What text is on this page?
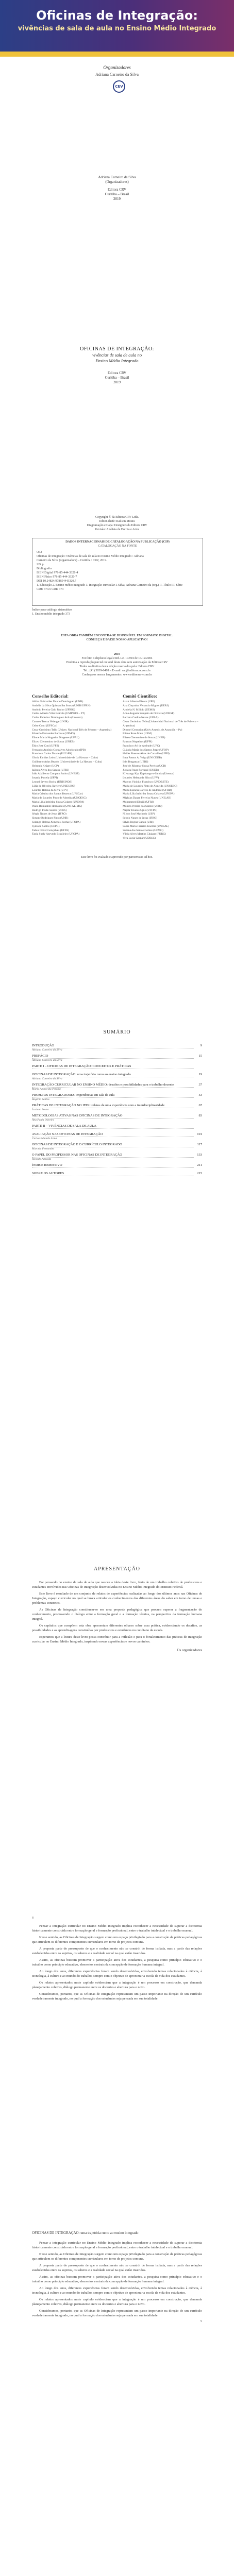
Oficinas de Integração:
vivências de sala de aula no Ensino Médio Integrado
Organizadores
Adriana Carneiro da Silva
CEV
Adriana Carneiro da Silva
(Organizadores)
Editora CRV
Curitiba – Brasil
2019
OFICINAS DE INTEGRAÇÃO:
vivências de sala de aula no
Ensino Médio Integrado
Editora CRV
Curitiba – Brasil
2019
Copyright © da Editora CRV Ltda.
Editor-chefe: Railson Moura
Diagramação e Capa: Designers da Editora CRV
Revisão: Analista de Escrita e Artes
DADOS INTERNACIONAIS DE CATALOGAÇÃO NA PUBLICAÇÃO (CIP)
CATALOGAÇÃO NA FONTE
O32
Oficinas de Integração: vivências de sala de aula no Ensino Médio Integrado / Adriana
Carneiro da Silva (organizadora) – Curitiba : CRV, 2019.
224 p.
Bibliografia
ISBN Digital 978-85-444-3321-4
ISBN Físico 978-85-444-3320-7
DOI 10.24824/978854443320.7
1. Educação 2. Ensino médio integrado 3. Integração curricular I. Silva, Adriana Carneiro da (org.) II. Título III. Série
CDU 373.5 CDD 373
Índice para catálogo sistemático
1. Ensino médio integrado 373
ESTA OBRA TAMBÉM ENCONTRA-SE DISPONÍVEL EM FORMATO DIGITAL.
CONHEÇA E BAIXE NOSSO APLICATIVO!
2019
Foi feito o depósito legal conf. Lei 10.994 de 14/12/2004
Proibida a reprodução parcial ou total desta obra sem autorização da Editora CRV
Todos os direitos desta edição reservados pela: Editora CRV
Tel.: (41) 3039-6418 – E-mail: sac@editoracrv.com.br
Conheça os nossos lançamentos: www.editoracrv.com.br
Conselho Editorial:
Aldira Guimarães Duarte Domínguez (UNB)
Andréia da Silva Quintanilha Sousa (UNIR/UFRN)
Antônio Pereira Gaio Júnior (UFRRJ)
Carlos Alberto Vilar Estêvão (UMINHO – PT)
Carlos Federico Domínguez Avila (Unieuro)
Carmen Tereza Velanga (UNIR)
Celso Conti (UFSCar)
Cesar Gerónimo Tello (Univer. Nacional Três de Febrero – Argentina)
Eduardo Fernandes Barbosa (UFMG)
Elione Maria Nogueira Diogenes (UFAL)
Elizeu Clementino de Souza (UNEB)
Élsio José Corá (UFFS)
Fernando Antônio Gonçalves Alcoforado (IPB)
Francisco Carlos Duarte (PUC-PR)
Gloria Fariñas León (Universidade de La Havana – Cuba)
Guillermo Arias Beatón (Universidade de La Havana – Cuba)
Helmuth Krüger (UCP)
Jailson Alves dos Santos (UFRJ)
João Adalberto Campato Junior (UNESP)
Josania Portela (UFPI)
Leonel Severo Rocha (UNISINOS)
Lídia de Oliveira Xavier (UNIEURO)
Lourdes Helena da Silva (UFV)
Maria Cristina dos Santos Bezerra (UFSCar)
Maria de Lourdes Pinto de Almeida (UNOESC)
Maria Lília Imbiriba Sousa Colares (UNOPA)
Paulo Romualdo Hernandes (UNIFAL-MG)
Rodrigo Pratte-Santos (UFES)
Sérgio Nunes de Jesus (IFRO)
Simone Rodrigues Pinto (UNB)
Solange Helena Ximenes-Rocha (UFOPA)
Sydione Santos (UEPG)
Tadeu Oliver Gonçalves (UFPA)
Tania Suely Azevedo Brasileiro (UFOPA)
Comitê Científico:
Altair Alberto Fávero (UPF)
Ana Chrystina Venancio Mignot (UERJ)
Andréia N. Militão (UEMS)
Anna Augusta Sampaio de Oliveira (UNESP)
Barbara Coelho Neves (UFBA)
Cesar Gerónimo Tello (Universidad Nacional de Três de Febrero – Argentina)
Diosnel Centurion (Univ Americ. de Asunción – Py)
Eliane Rose Maio (UEM)
Elizeu Clementino de Souza (UNEB)
Fauston Negreiros (UFPI)
Francisco Ari de Andrade (UFC)
Gláucia Maria dos Santos Jorge (UFOP)
Helder Buenos Aires de Carvalho (UFPI)
Ilma Passos A. Veiga (UNICEUB)
Inês Bragança (UERJ)
José de Ribamar Sousa Pereira (UCB)
Jussara Fraga Portugal (UNEB)
Kilwangy Kya Kapitango-a-Samba (Unemat)
Lourdes Helena da Silva (UFV)
Marcos Vinicius Francisco (UNOESTE)
Maria de Lourdes Pinto de Almeida (UNOESC)
Maria Eurácia Barreto de Andrade (UFRB)
Maria Lília Imbiriba Sousa Colares (UFOPA)
Míghian Danae Ferreira Nunes (UNILAB)
Mohammed Elhajji (UFRJ)
Mônica Pereira dos Santos (UFRJ)
Najela Tavares Ujiie (UTFPR)
Nilson José Machado (USP)
Sérgio Nunes de Jesus (IFRO)
Silvia Regina Canan (URI)
Sonia Maria Ferreira Koehler (UNISAL)
Suzana dos Santos Gomes (UFMG)
Vânia Alves Martins Chaigar (FURG)
Vera Lucia Gaspar (UDESC)
Este livro foi avaliado e aprovado por pareceristas ad hoc.
SUMÁRIO
INTRODUÇÃO	9
Adriana Carneiro da Silva
PREFÁCIO	15
Adriana Carneiro da Silva
PARTE I – OFICINAS DE INTEGRAÇÃO: CONCEITOS E PRÁTICAS
OFICINAS DE INTEGRAÇÃO: uma trajetória rumo ao ensino integrado	19
Adriana Carneiro da Silva
INTEGRAÇÃO CURRICULAR NO ENSINO MÉDIO: desafios e possibilidades para o trabalho docente	37
Maria Aparecida Pereira
PROJETOS INTEGRADORES: experiências em sala de aula	53
Rogério Santos
PRÁTICAS DE INTEGRAÇÃO NO IFPR: relatos de uma experiência com a interdisciplinaridade	67
Luciana Souza
METODOLOGIAS ATIVAS NAS OFICINAS DE INTEGRAÇÃO	83
Ana Paula Oliveira
PARTE II – VIVÊNCIAS DE SALA DE AULA
AVALIAÇÃO NAS OFICINAS DE INTEGRAÇÃO	101
Carlos Eduardo Lima
OFICINAS DE INTEGRAÇÃO E O CURRÍCULO INTEGRADO	117
Marcela Fernandes
O PAPEL DO PROFESSOR NAS OFICINAS DE INTEGRAÇÃO	133
Ricardo Almeida
ÍNDICE REMISSIVO	211
SOBRE OS AUTORES	215
APRESENTAÇÃO

Foi pensando no ensino de sala de aula que nasceu a ideia deste livro, fruto de um trabalho coletivo de professores e estudantes envolvidos nas Oficinas de Integração desenvolvidas no Ensino Médio Integrado do Instituto Federal.

Este livro é resultado de um conjunto de relatos de experiências realizadas ao longo dos últimos anos nas Oficinas de Integração, espaço curricular no qual se busca articular os conhecimentos das diferentes áreas do saber em torno de temas e problemas concretos.

As Oficinas de Integração constituem-se em uma proposta pedagógica que procura superar a fragmentação do conhecimento, promovendo o diálogo entre a formação geral e a formação técnica, na perspectiva da formação humana integral.

Os capítulos que compõem esta obra apresentam diferentes olhares sobre essa prática, evidenciando os desafios, as possibilidades e as aprendizagens construídas por professores e estudantes no cotidiano da escola.

Esperamos que a leitura deste livro possa contribuir para a reflexão e para o fortalecimento das práticas de integração curricular no Ensino Médio Integrado, inspirando novas experiências e novos caminhos.

Os organizadores
8

Pensar a integração curricular no Ensino Médio Integrado implica reconhecer a necessidade de superar a dicotomia historicamente construída entre formação geral e formação profissional, entre o trabalho intelectual e o trabalho manual.

Nesse sentido, as Oficinas de Integração surgem como um espaço privilegiado para a construção de práticas pedagógicas que articulem os diferentes componentes curriculares em torno de projetos comuns.

A proposta parte do pressuposto de que o conhecimento não se constrói de forma isolada, mas a partir das relações estabelecidas entre os sujeitos, os saberes e a realidade social na qual estão inseridos.

Assim, as oficinas buscam promover a participação ativa dos estudantes, a pesquisa como princípio educativo e o trabalho como princípio educativo, elementos centrais da concepção de formação humana integral.

Ao longo dos anos, diferentes experiências foram sendo desenvolvidas, envolvendo temas relacionados à ciência, à tecnologia, à cultura e ao mundo do trabalho, sempre com o objetivo de aproximar a escola da vida dos estudantes.

Os relatos apresentados neste capítulo evidenciam que a integração é um processo em construção, que demanda planejamento coletivo, diálogo permanente entre os docentes e abertura para o novo.

Consideramos, portanto, que as Oficinas de Integração representam um passo importante na direção de um currículo verdadeiramente integrado, no qual a formação dos estudantes seja pensada em sua totalidade.

OFICINAS DE INTEGRAÇÃO: uma trajetória rumo ao ensino integrado

Pensar a integração curricular no Ensino Médio Integrado implica reconhecer a necessidade de superar a dicotomia historicamente construída entre formação geral e formação profissional, entre o trabalho intelectual e o trabalho manual.

Nesse sentido, as Oficinas de Integração surgem como um espaço privilegiado para a construção de práticas pedagógicas que articulem os diferentes componentes curriculares em torno de projetos comuns.

A proposta parte do pressuposto de que o conhecimento não se constrói de forma isolada, mas a partir das relações estabelecidas entre os sujeitos, os saberes e a realidade social na qual estão inseridos.

Assim, as oficinas buscam promover a participação ativa dos estudantes, a pesquisa como princípio educativo e o trabalho como princípio educativo, elementos centrais da concepção de formação humana integral.

Ao longo dos anos, diferentes experiências foram sendo desenvolvidas, envolvendo temas relacionados à ciência, à tecnologia, à cultura e ao mundo do trabalho, sempre com o objetivo de aproximar a escola da vida dos estudantes.

Os relatos apresentados neste capítulo evidenciam que a integração é um processo em construção, que demanda planejamento coletivo, diálogo permanente entre os docentes e abertura para o novo.

Consideramos, portanto, que as Oficinas de Integração representam um passo importante na direção de um currículo verdadeiramente integrado, no qual a formação dos estudantes seja pensada em sua totalidade.

9
